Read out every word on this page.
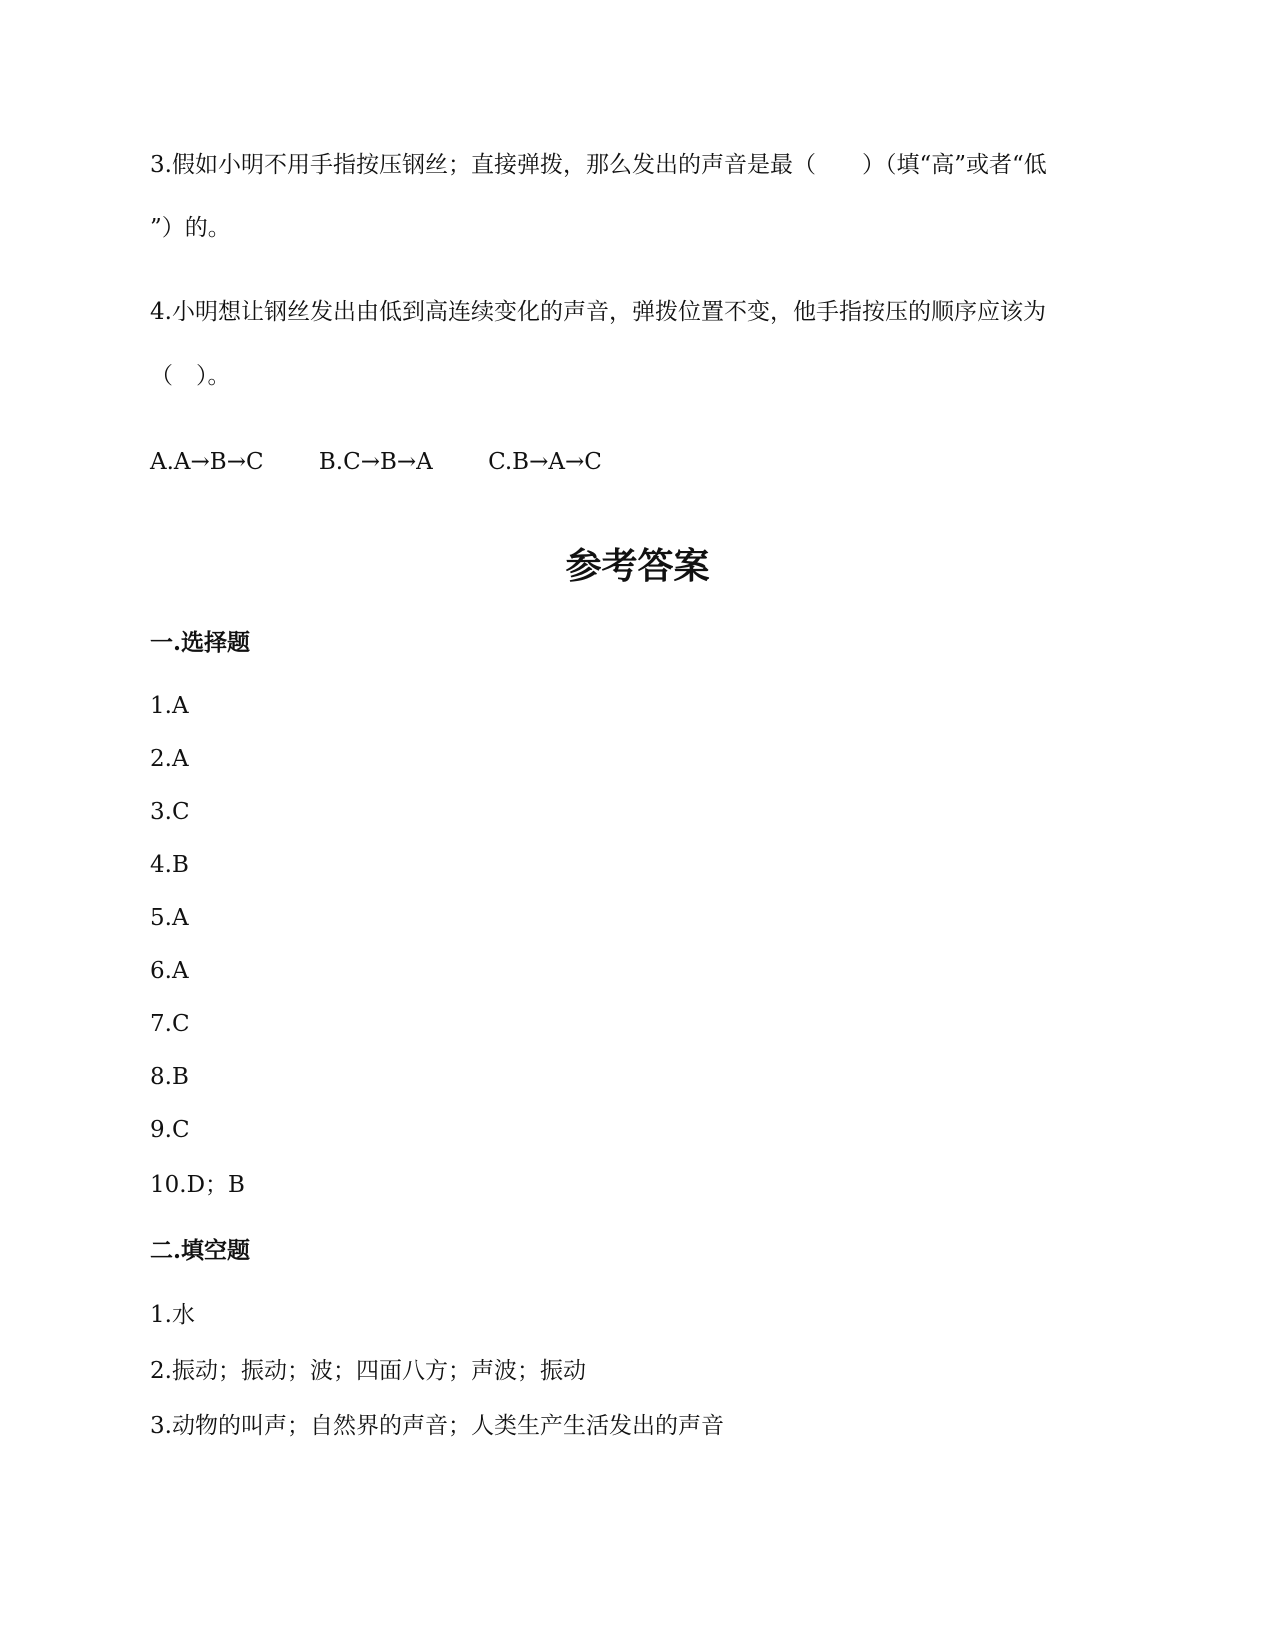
3.假如小明不用手指按压钢丝；直接弹拨，那么发出的声音是最（　　）（填“高”或者“低
”）的。
4.小明想让钢丝发出由低到高连续变化的声音，弹拨位置不变，他手指按压的顺序应该为
（　）。
A.A→B→C B.C→B→A C.B→A→C
参考答案
一.选择题
1.A
2.A
3.C
4.B
5.A
6.A
7.C
8.B
9.C
10.D；B
二.填空题
1.水
2.振动；振动；波；四面八方；声波；振动
3.动物的叫声；自然界的声音；人类生产生活发出的声音
